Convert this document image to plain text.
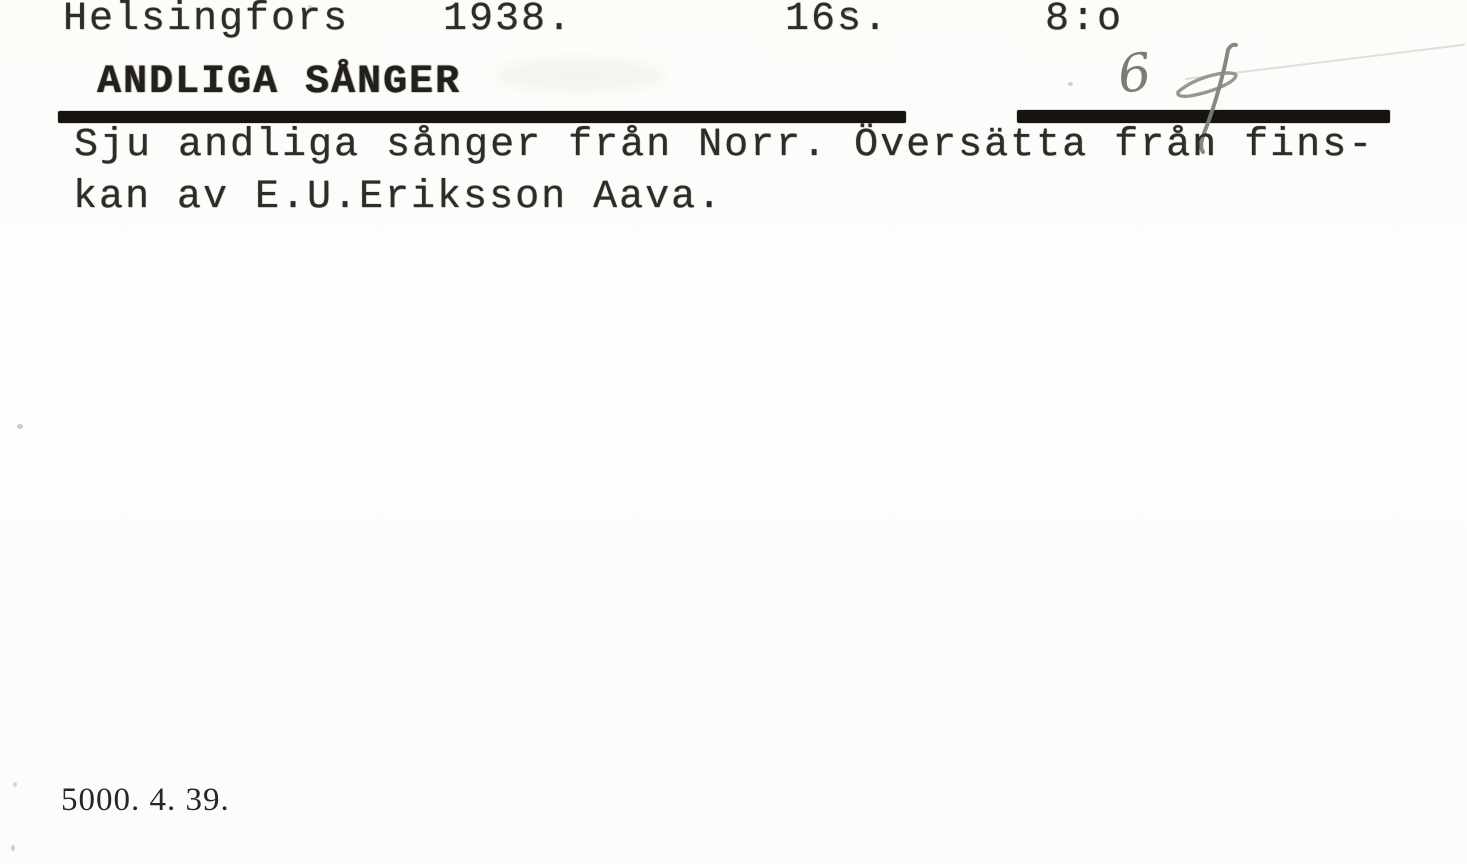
ANDLIGA SÅNGER	6
Sju andliga sånger från Norr. Översätta från fins-
kan av E.U.Eriksson Aava.
Helsingfors 1938.	16s.	8:o
5000. 4. 39.
